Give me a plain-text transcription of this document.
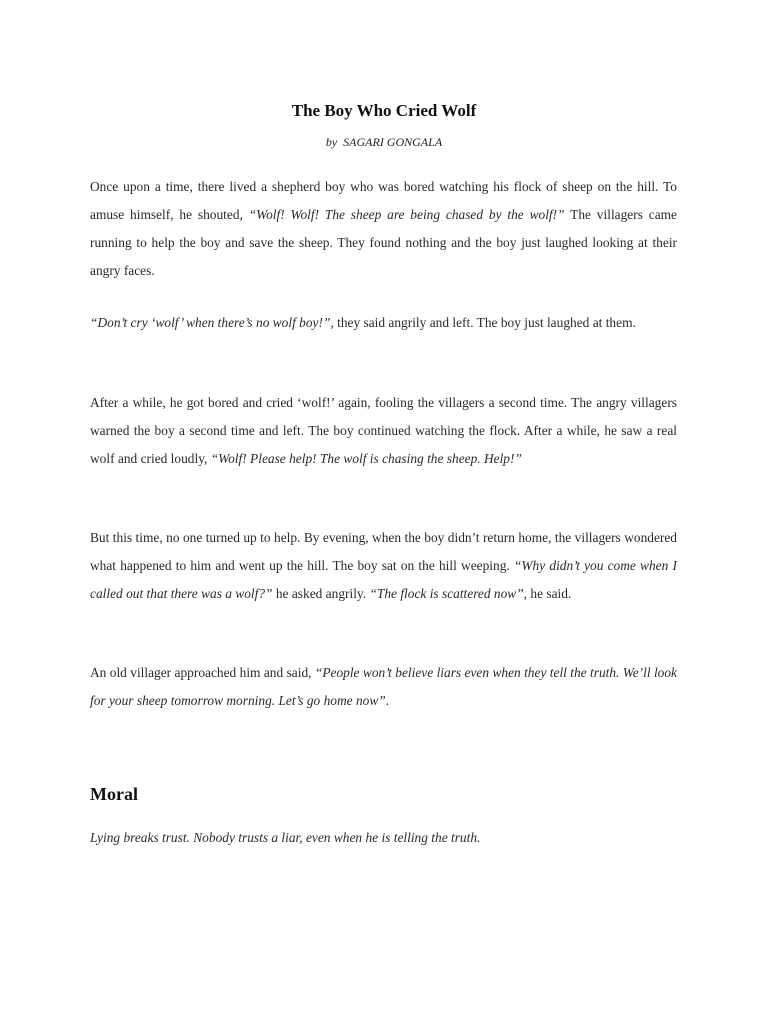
The Boy Who Cried Wolf

by SAGARI GONGALA

Once upon a time, there lived a shepherd boy who was bored watching his flock of sheep on the hill. To amuse himself, he shouted, “Wolf! Wolf! The sheep are being chased by the wolf!” The villagers came running to help the boy and save the sheep. They found nothing and the boy just laughed looking at their angry faces.

“Don’t cry ‘wolf’ when there’s no wolf boy!”, they said angrily and left. The boy just laughed at them.

After a while, he got bored and cried ‘wolf!’ again, fooling the villagers a second time. The angry villagers warned the boy a second time and left. The boy continued watching the flock. After a while, he saw a real wolf and cried loudly, “Wolf! Please help! The wolf is chasing the sheep. Help!”

But this time, no one turned up to help. By evening, when the boy didn’t return home, the villagers wondered what happened to him and went up the hill. The boy sat on the hill weeping. “Why didn’t you come when I called out that there was a wolf?” he asked angrily. “The flock is scattered now”, he said.

An old villager approached him and said, “People won’t believe liars even when they tell the truth. We’ll look for your sheep tomorrow morning. Let’s go home now”.

Moral

Lying breaks trust. Nobody trusts a liar, even when he is telling the truth.
